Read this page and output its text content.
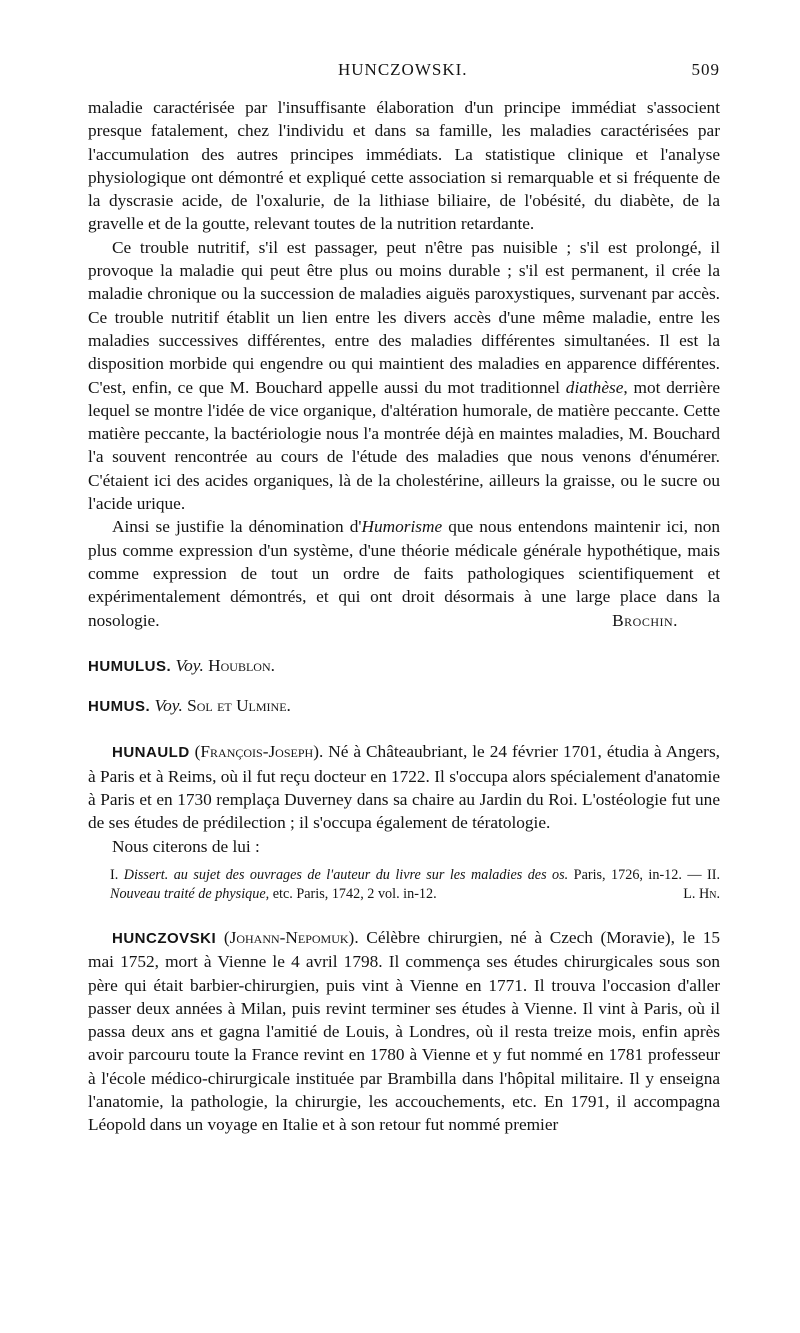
HUNCZOWSKI.	509

maladie caractérisée par l'insuffisante élaboration d'un principe immédiat s'associent presque fatalement, chez l'individu et dans sa famille, les maladies caractérisées par l'accumulation des autres principes immédiats. La statistique clinique et l'analyse physiologique ont démontré et expliqué cette association si remarquable et si fréquente de la dyscrasie acide, de l'oxalurie, de la lithiase biliaire, de l'obésité, du diabète, de la gravelle et de la goutte, relevant toutes de la nutrition retardante.

Ce trouble nutritif, s'il est passager, peut n'être pas nuisible ; s'il est prolongé, il provoque la maladie qui peut être plus ou moins durable ; s'il est permanent, il crée la maladie chronique ou la succession de maladies aiguës paroxystiques, survenant par accès. Ce trouble nutritif établit un lien entre les divers accès d'une même maladie, entre les maladies successives différentes, entre des maladies différentes simultanées. Il est la disposition morbide qui engendre ou qui maintient des maladies en apparence différentes. C'est, enfin, ce que M. Bouchard appelle aussi du mot traditionnel diathèse, mot derrière lequel se montre l'idée de vice organique, d'altération humorale, de matière peccante. Cette matière peccante, la bactériologie nous l'a montrée déjà en maintes maladies, M. Bouchard l'a souvent rencontrée au cours de l'étude des maladies que nous venons d'énumérer. C'étaient ici des acides organiques, là de la cholestérine, ailleurs la graisse, ou le sucre ou l'acide urique.

Ainsi se justifie la dénomination d'Humorisme que nous entendons maintenir ici, non plus comme expression d'un système, d'une théorie médicale générale hypothétique, mais comme expression de tout un ordre de faits pathologiques scientifiquement et expérimentalement démontrés, et qui ont droit désormais à une large place dans la nosologie.	Brochin.

HUMULUS. Voy. Houblon.

HUMUS. Voy. Sol et Ulmine.

HUNAULD (François-Joseph). Né à Châteaubriant, le 24 février 1701, étudia à Angers, à Paris et à Reims, où il fut reçu docteur en 1722. Il s'occupa alors spécialement d'anatomie à Paris et en 1730 remplaça Duverney dans sa chaire au Jardin du Roi. L'ostéologie fut une de ses études de prédilection ; il s'occupa également de tératologie.

Nous citerons de lui :

I. Dissert. au sujet des ouvrages de l'auteur du livre sur les maladies des os. Paris, 1726, in-12. — II. Nouveau traité de physique, etc. Paris, 1742, 2 vol. in-12.	L. Hn.

HUNCZOVSKI (Johann-Nepomuk). Célèbre chirurgien, né à Czech (Moravie), le 15 mai 1752, mort à Vienne le 4 avril 1798. Il commença ses études chirurgicales sous son père qui était barbier-chirurgien, puis vint à Vienne en 1771. Il trouva l'occasion d'aller passer deux années à Milan, puis revint terminer ses études à Vienne. Il vint à Paris, où il passa deux ans et gagna l'amitié de Louis, à Londres, où il resta treize mois, enfin après avoir parcouru toute la France revint en 1780 à Vienne et y fut nommé en 1781 professeur à l'école médico-chirurgicale instituée par Brambilla dans l'hôpital militaire. Il y enseigna l'anatomie, la pathologie, la chirurgie, les accouchements, etc. En 1791, il accompagna Léopold dans un voyage en Italie et à son retour fut nommé premier
